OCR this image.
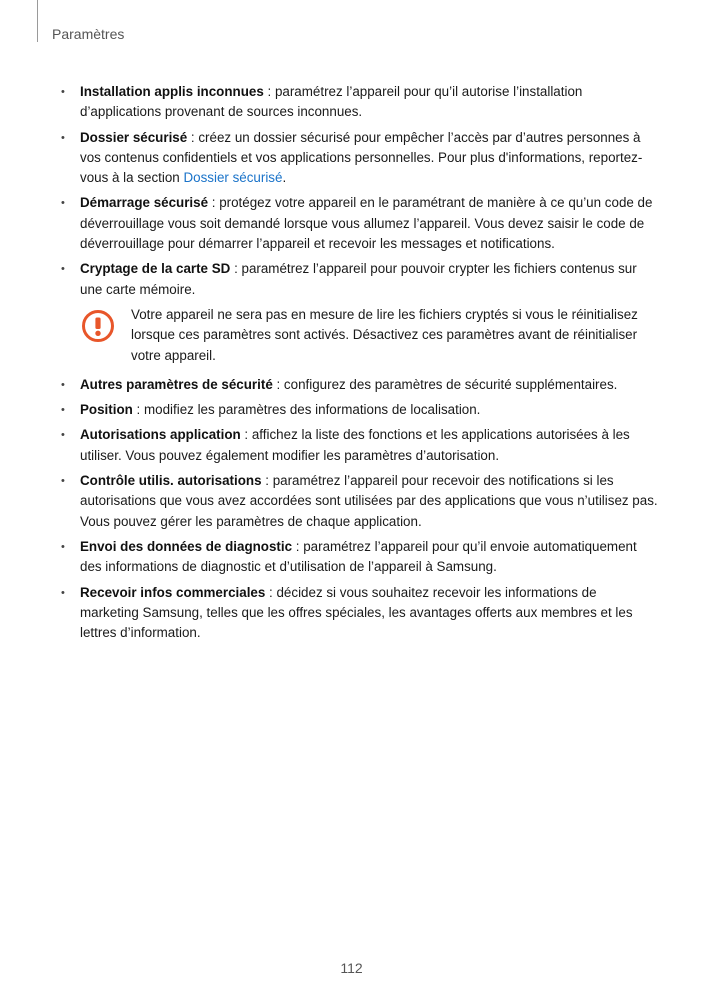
Paramètres
• Installation applis inconnues : paramétrez l’appareil pour qu’il autorise l’installation d’applications provenant de sources inconnues.
• Dossier sécurisé : créez un dossier sécurisé pour empêcher l’accès par d’autres personnes à vos contenus confidentiels et vos applications personnelles. Pour plus d'informations, reportez-vous à la section Dossier sécurisé.
• Démarrage sécurisé : protégez votre appareil en le paramétrant de manière à ce qu’un code de déverrouillage vous soit demandé lorsque vous allumez l’appareil. Vous devez saisir le code de déverrouillage pour démarrer l’appareil et recevoir les messages et notifications.
• Cryptage de la carte SD : paramétrez l’appareil pour pouvoir crypter les fichiers contenus sur une carte mémoire.
Votre appareil ne sera pas en mesure de lire les fichiers cryptés si vous le réinitialisez lorsque ces paramètres sont activés. Désactivez ces paramètres avant de réinitialiser votre appareil.
• Autres paramètres de sécurité : configurez des paramètres de sécurité supplémentaires.
• Position : modifiez les paramètres des informations de localisation.
• Autorisations application : affichez la liste des fonctions et les applications autorisées à les utiliser. Vous pouvez également modifier les paramètres d’autorisation.
• Contrôle utilis. autorisations : paramétrez l’appareil pour recevoir des notifications si les autorisations que vous avez accordées sont utilisées par des applications que vous n’utilisez pas. Vous pouvez gérer les paramètres de chaque application.
• Envoi des données de diagnostic : paramétrez l’appareil pour qu’il envoie automatiquement des informations de diagnostic et d’utilisation de l’appareil à Samsung.
• Recevoir infos commerciales : décidez si vous souhaitez recevoir les informations de marketing Samsung, telles que les offres spéciales, les avantages offerts aux membres et les lettres d’information.
112
